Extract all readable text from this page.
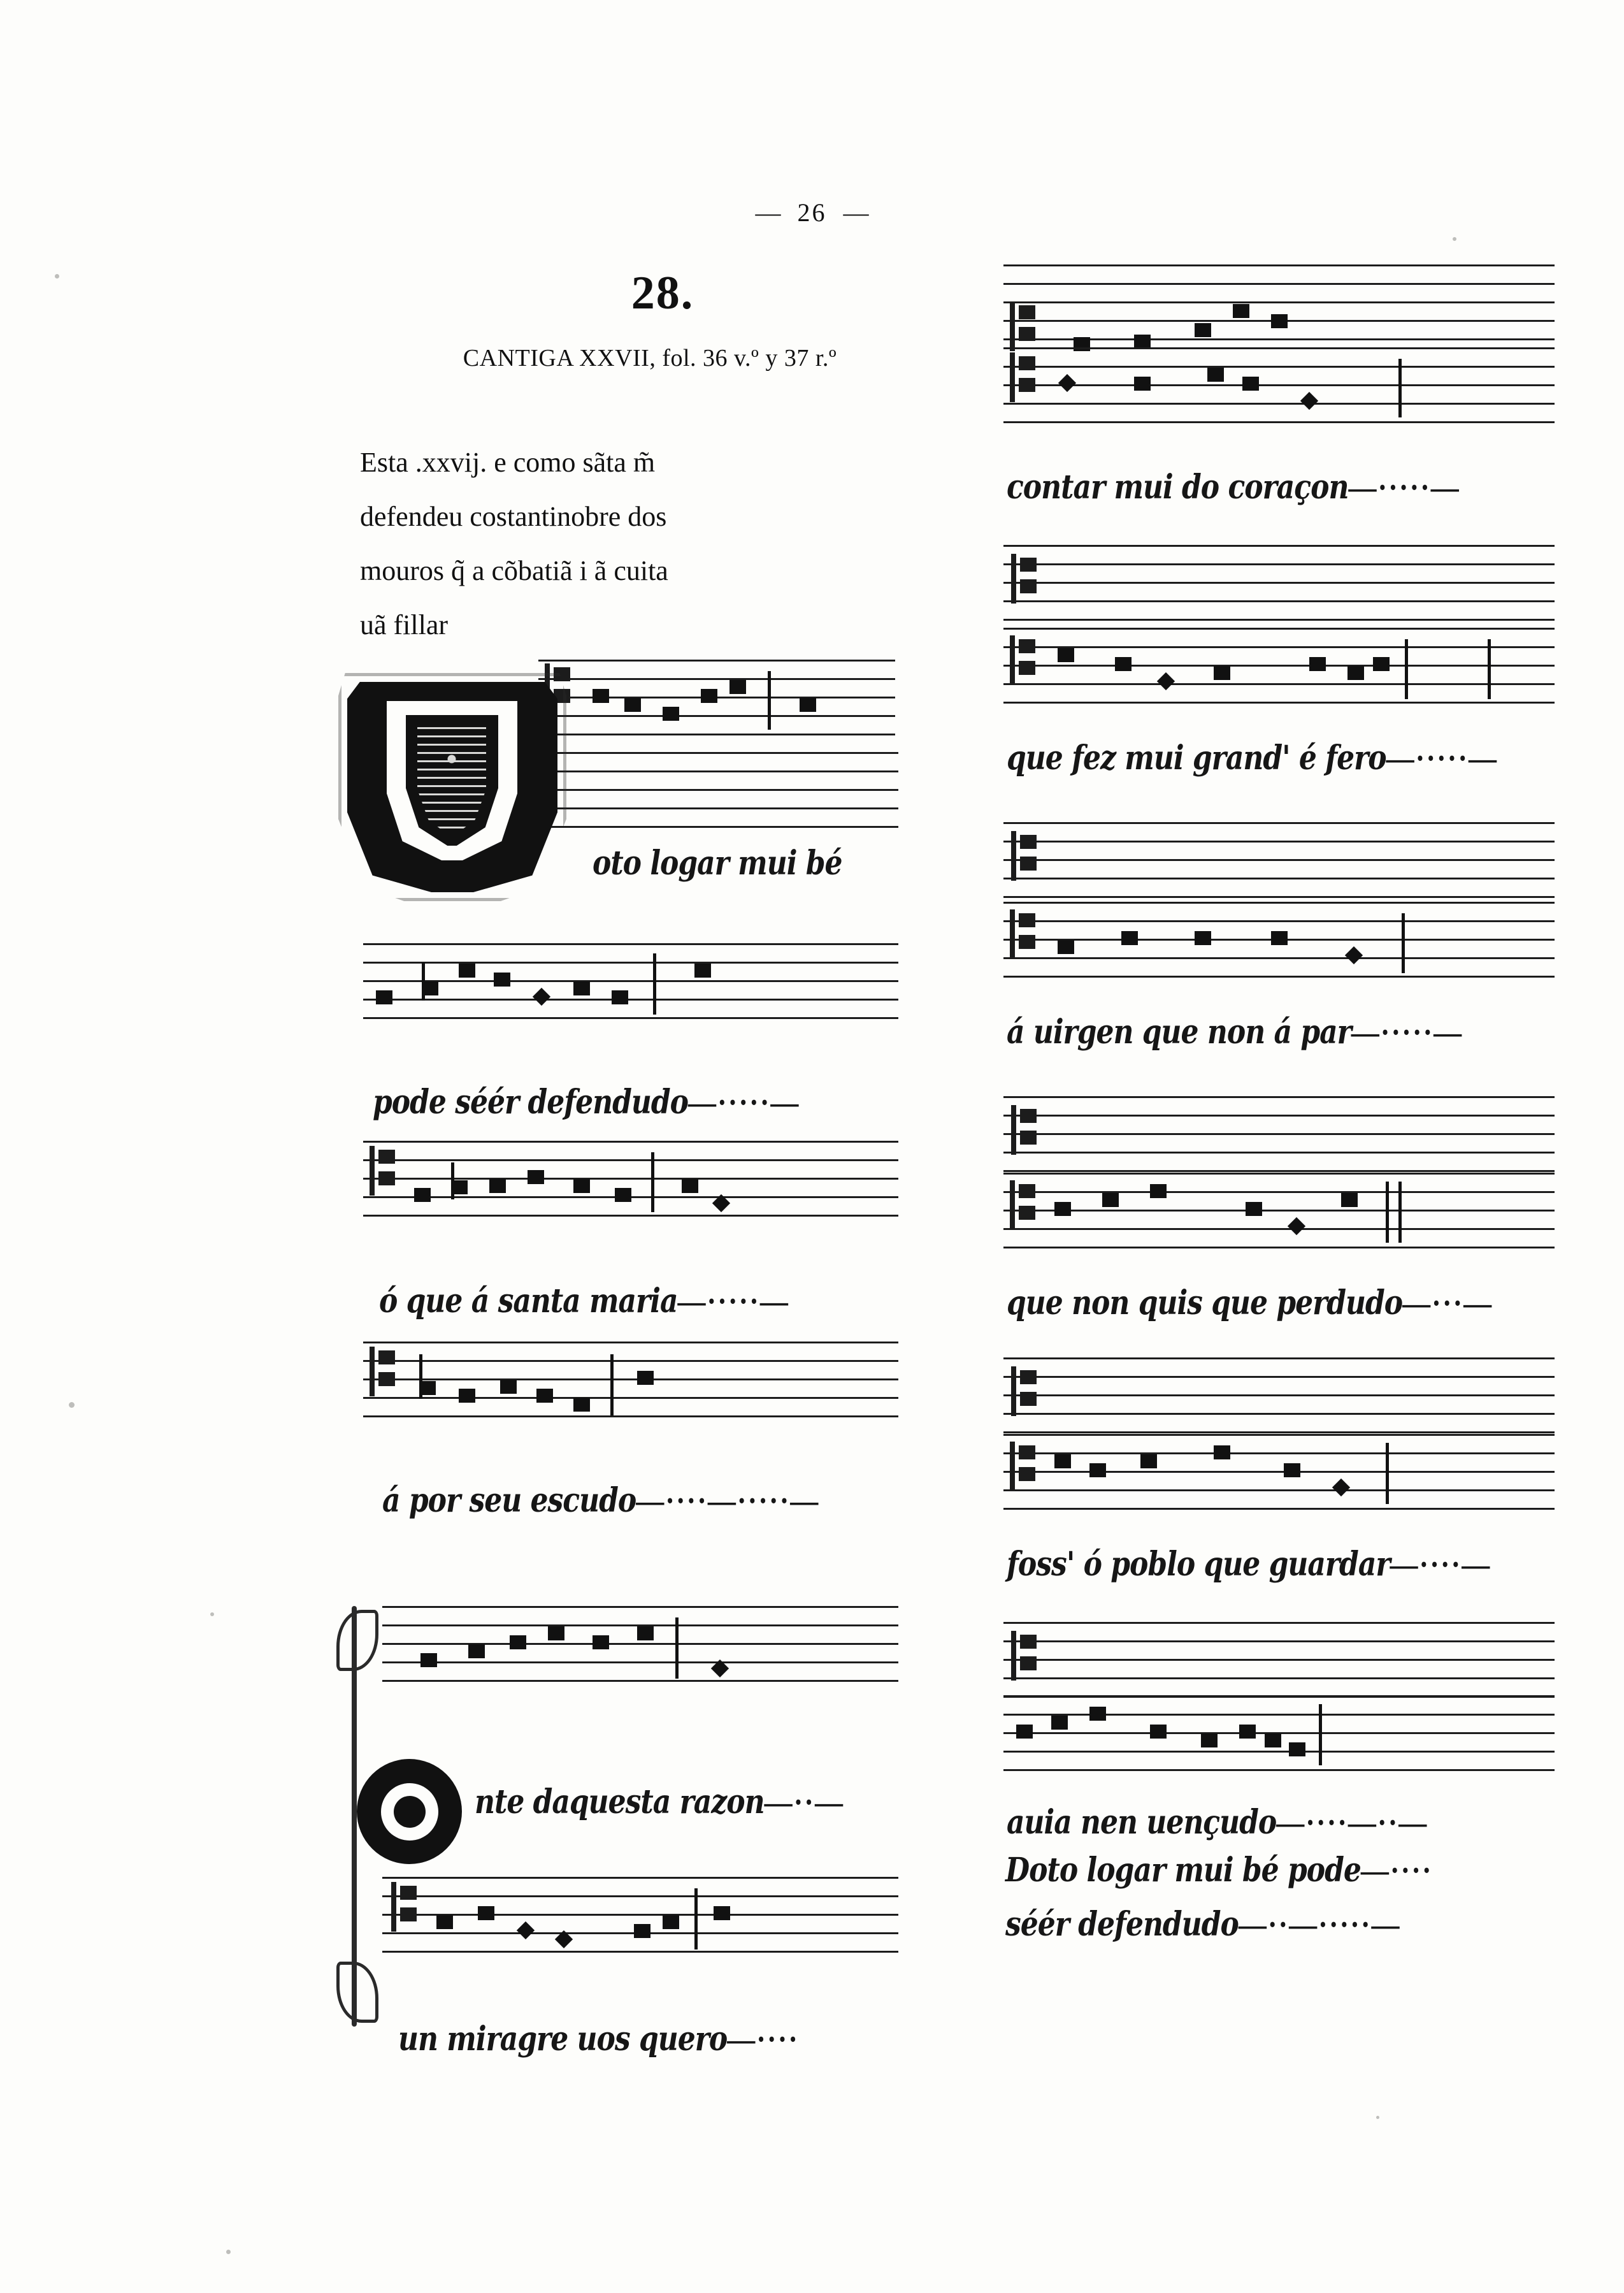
— 26 —
28.
CANTIGA XXVII, fol. 36 v.º y 37 r.º
Esta .xxvij. e como sãta m̃
defendeu costantinobre dos
mouros q̃ a cõbatiã i ã cuita
uã fillar
oto logar mui bé
pode séér defendudo—·····—
ó que á santa maria—·····—
á por seu escudo—····—·····—
nte daquesta razon—··—
un miragre uos quero—····
contar mui do coraçon—·····—
que fez mui grand' é fero—·····—
á uirgen que non á par—·····—
que non quis que perdudo—···—
foss' ó poblo que guardar—····—
auia nen uençudo—····—··—
Doto logar mui bé pode—····
séér defendudo—··—·····—
